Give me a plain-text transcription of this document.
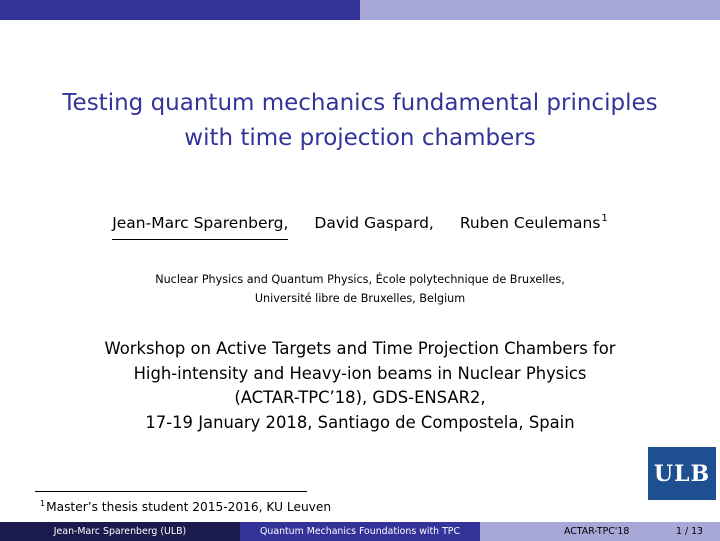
Testing quantum mechanics fundamental principles
with time projection chambers
Jean-Marc Sparenberg, David Gaspard, Ruben Ceulemans$^1$
Nuclear Physics and Quantum Physics, École polytechnique de Bruxelles,
Université libre de Bruxelles, Belgium
Workshop on Active Targets and Time Projection Chambers for
High-intensity and Heavy-ion beams in Nuclear Physics
(ACTAR-TPC’18), GDS-ENSAR2,
17-19 January 2018, Santiago de Compostela, Spain
ULB
$^1$Master’s thesis student 2015-2016, KU Leuven
Jean-Marc Sparenberg (ULB)	Quantum Mechanics Foundations with TPC	ACTAR-TPC'18	1 / 13
